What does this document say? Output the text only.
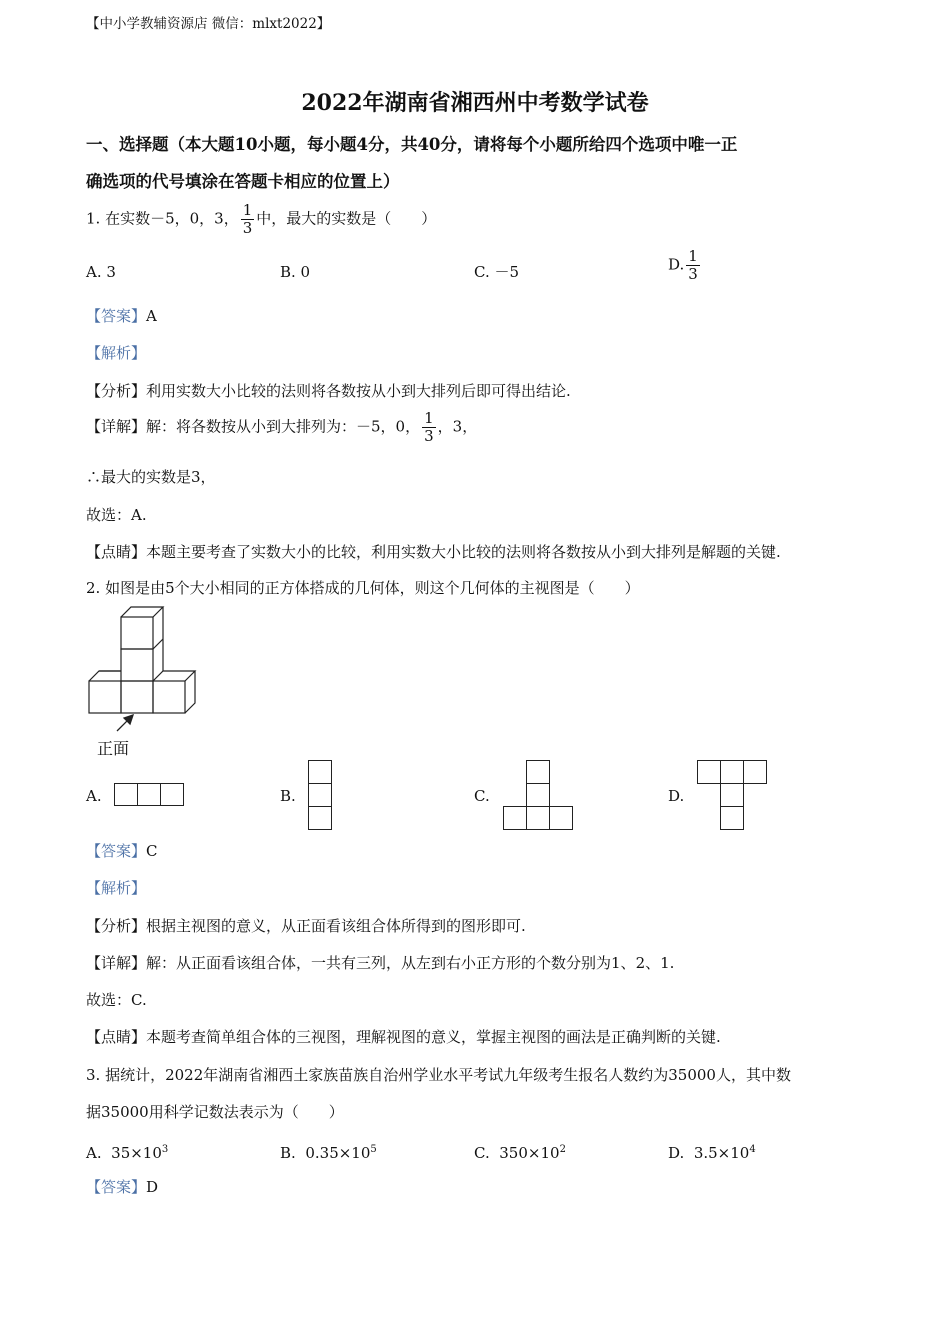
【中小学教辅资源店 微信：mlxt2022】
2022年湖南省湘西州中考数学试卷
一、选择题（本大题10小题，每小题4分，共40分，请将每个小题所给四个选项中唯一正
确选项的代号填涂在答题卡相应的位置上）
1. 在实数－5，0，3， $\frac{1}{3}$ 中，最大的实数是（　　）
A. 3	B. 0	C. －5	D. $\frac{1}{3}$
【答案】A
【解析】
【分析】利用实数大小比较的法则将各数按从小到大排列后即可得出结论.
【详解】解：将各数按从小到大排列为：－5，0， $\frac{1}{3}$ ，3，
∴最大的实数是3，
故选：A.
【点睛】本题主要考查了实数大小的比较，利用实数大小比较的法则将各数按从小到大排列是解题的关键.
2. 如图是由5个大小相同的正方体搭成的几何体，则这个几何体的主视图是（　　）
正面
A.	B.	C.	D.
【答案】C
【解析】
【分析】根据主视图的意义，从正面看该组合体所得到的图形即可.
【详解】解：从正面看该组合体，一共有三列，从左到右小正方形的个数分别为1、2、1.
故选：C.
【点睛】本题考查简单组合体的三视图，理解视图的意义，掌握主视图的画法是正确判断的关键.
3. 据统计，2022年湖南省湘西土家族苗族自治州学业水平考试九年级考生报名人数约为35000人，其中数
据35000用科学记数法表示为（　　）
A. $35\times 10^3$	B. $0.35\times 10^5$	C. $350\times 10^2$	D. $3.5\times 10^4$
【答案】D
